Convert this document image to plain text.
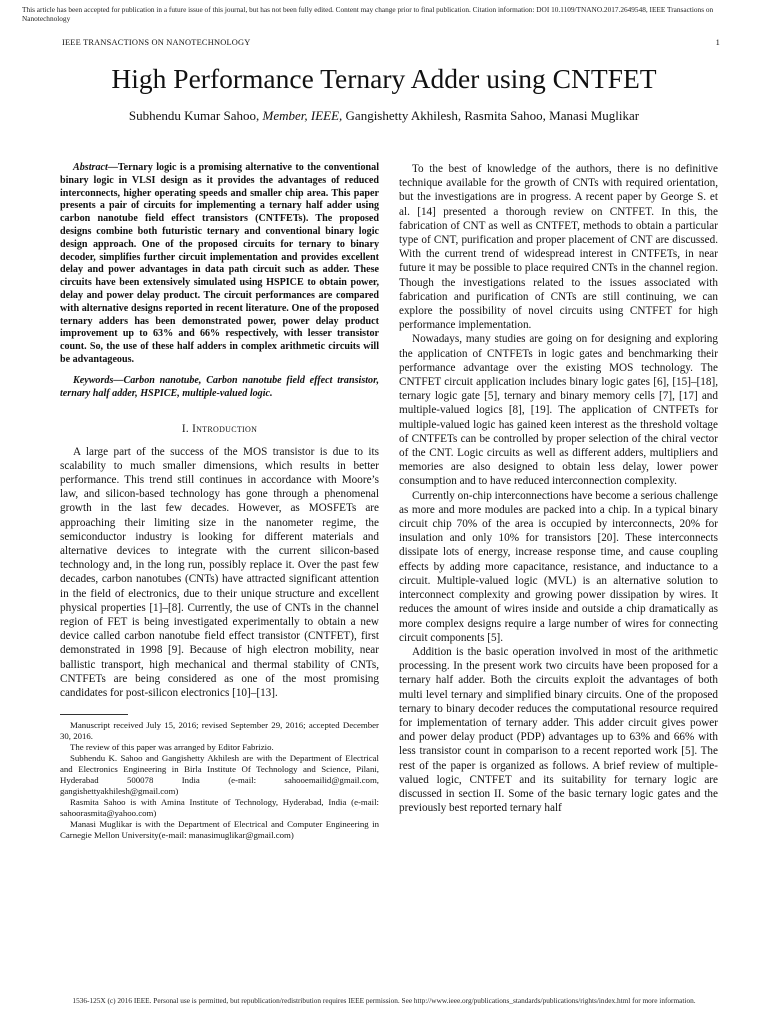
This article has been accepted for publication in a future issue of this journal, but has not been fully edited. Content may change prior to final publication. Citation information: DOI 10.1109/TNANO.2017.2649548, IEEE Transactions on Nanotechnology
IEEE TRANSACTIONS ON NANOTECHNOLOGY	1
High Performance Ternary Adder using CNTFET
Subhendu Kumar Sahoo, Member, IEEE, Gangishetty Akhilesh, Rasmita Sahoo, Manasi Muglikar

Abstract—Ternary logic is a promising alternative to the conventional binary logic in VLSI design as it provides the advantages of reduced interconnects, higher operating speeds and smaller chip area. This paper presents a pair of circuits for implementing a ternary half adder using carbon nanotube field effect transistors (CNTFETs). The proposed designs combine both futuristic ternary and conventional binary logic design approach. One of the proposed circuits for ternary to binary decoder, simplifies further circuit implementation and provides excellent delay and power advantages in data path circuit such as adder. These circuits have been extensively simulated using HSPICE to obtain power, delay and power delay product. The circuit performances are compared with alternative designs reported in recent literature. One of the proposed ternary adders has been demonstrated power, power delay product improvement up to 63% and 66% respectively, with lesser transistor count. So, the use of these half adders in complex arithmetic circuits will be advantageous.

Keywords—Carbon nanotube, Carbon nanotube field effect transistor, ternary half adder, HSPICE, multiple-valued logic.

I. Introduction

A large part of the success of the MOS transistor is due to its scalability to much smaller dimensions, which results in better performance. This trend still continues in accordance with Moore’s law, and silicon-based technology has gone through a phenomenal growth in the last few decades. However, as MOSFETs are approaching their limiting size in the nanometer regime, the semiconductor industry is looking for different materials and alternative devices to integrate with the current silicon-based technology and, in the long run, possibly replace it. Over the past few decades, carbon nanotubes (CNTs) have attracted significant attention in the field of electronics, due to their unique structure and excellent physical properties [1]–[8]. Currently, the use of CNTs in the channel region of FET is being investigated experimentally to obtain a new device called carbon nanotube field effect transistor (CNTFET), first demonstrated in 1998 [9]. Because of high electron mobility, near ballistic transport, high mechanical and thermal stability of CNTs, CNTFETs are being considered as one of the most promising candidates for post-silicon electronics [10]–[13].

Manuscript received July 15, 2016; revised September 29, 2016; accepted December 30, 2016.

The review of this paper was arranged by Editor Fabrizio.

Subhendu K. Sahoo and Gangishetty Akhilesh are with the Department of Electrical and Electronics Engineering in Birla Institute Of Technology and Science, Pilani, Hyderabad 500078 India (e-mail: sahooemailid@gmail.com, gangishettyakhilesh@gmail.com)

Rasmita Sahoo is with Amina Institute of Technology, Hyderabad, India (e-mail: sahoorasmita@yahoo.com)

Manasi Muglikar is with the Department of Electrical and Computer Engineering in Carnegie Mellon University(e-mail: manasimuglikar@gmail.com)

To the best of knowledge of the authors, there is no definitive technique available for the growth of CNTs with required orientation, but the investigations are in progress. A recent paper by George S. et al. [14] presented a thorough review on CNTFET. In this, the fabrication of CNT as well as CNTFET, methods to obtain a particular type of CNT, purification and proper placement of CNT are discussed. With the current trend of widespread interest in CNTFETs, in near future it may be possible to place required CNTs in the channel region. Though the investigations related to the issues associated with fabrication and purification of CNTs are still continuing, we can explore the possibility of novel circuits using CNTFET for high performance implementation.

Nowadays, many studies are going on for designing and exploring the application of CNTFETs in logic gates and benchmarking their performance advantage over the existing MOS technology. The CNTFET circuit application includes binary logic gates [6], [15]–[18], ternary logic gate [5], ternary and binary memory cells [7], [17] and multiple-valued logics [8], [19]. The application of CNTFETs for multiple-valued logic has gained keen interest as the threshold voltage of CNTFETs can be controlled by proper selection of the chiral vector of the CNT. Logic circuits as well as different adders, multipliers and memories are also designed to obtain less delay, lower power consumption and to have reduced interconnection complexity.

Currently on-chip interconnections have become a serious challenge as more and more modules are packed into a chip. In a typical binary circuit chip 70% of the area is occupied by interconnects, 20% for insulation and only 10% for transistors [20]. These interconnects dissipate lots of energy, increase response time, and cause coupling effects by adding more capacitance, resistance, and inductance to a circuit. Multiple-valued logic (MVL) is an alternative solution to interconnect complexity and growing power dissipation by wires. It reduces the amount of wires inside and outside a chip dramatically as more complex designs require a large number of wires for connecting circuit components [5].

Addition is the basic operation involved in most of the arithmetic processing. In the present work two circuits have been proposed for a ternary half adder. Both the circuits exploit the advantages of both multi level ternary and simplified binary circuits. One of the proposed ternary to binary decoder reduces the computational resource required for implementation of ternary adder. This adder circuit gives power and power delay product (PDP) advantages up to 63% and 66% with less transistor count in comparison to a recent reported work [5]. The rest of the paper is organized as follows. A brief review of multiple-valued logic, CNTFET and its suitability for ternary logic are discussed in section II. Some of the basic ternary logic gates and the previously best reported ternary half

1536-125X (c) 2016 IEEE. Personal use is permitted, but republication/redistribution requires IEEE permission. See http://www.ieee.org/publications_standards/publications/rights/index.html for more information.
